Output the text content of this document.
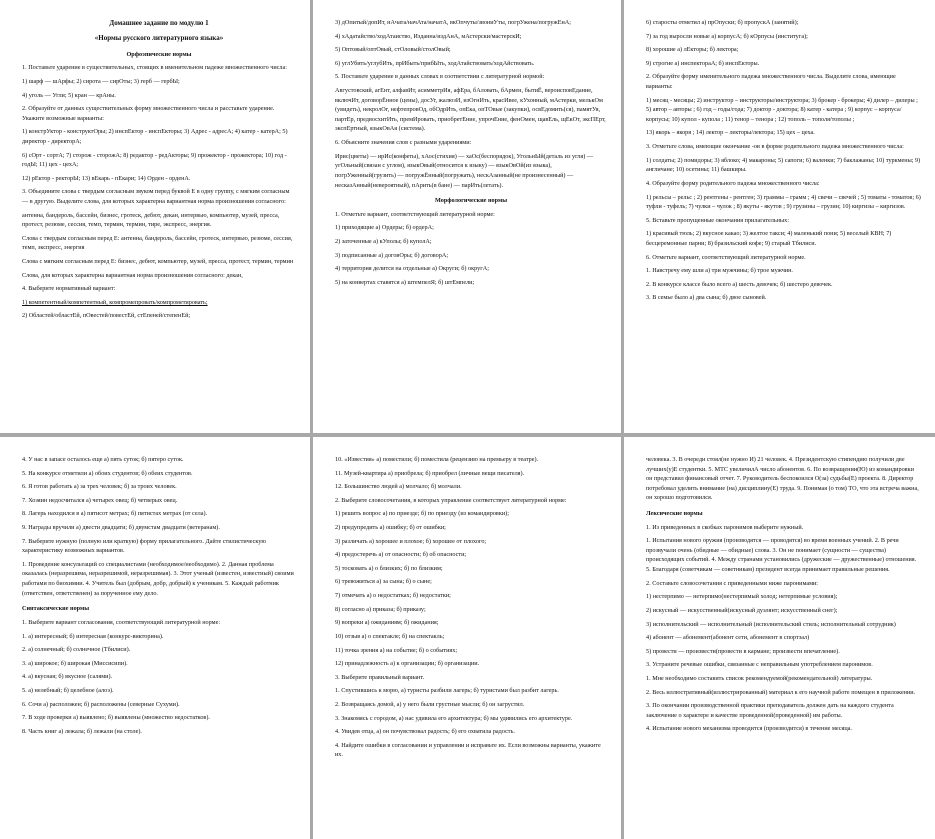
Домашнее задание по модулю 1

«Нормы русского литературного языка»

Орфоэпические нормы

1. Поставьте ударение в существительных, стоящих в именительном падеже множественного числа:

1) шарф — шАрфы; 2) сирота — сирОты; 3) герб — гербЫ;

4) уголь — Угли; 5) кран — крАны.

2. Образуйте от данных существительных форму множественного числа и расставьте ударение. Укажите возможные варианты:

1) констрУктор - конструктОры; 2) инспЕктор - инспЕкторы; 3) Адрес - адресА; 4) катер - катерА; 5) директор - директорА;

6) сОрт - сортА; 7) сторож - сторожА; 8) редактор - редАкторы; 9) прожектор - прожектора; 10) год - годЫ; 11) цех - цехА;

12) рЕктор - ректорЫ; 13) вЕкарь - пЕкари; 14) Орден - орденА.

3. Объедините слова с твердым согласным звуком перед буквой Е в одну группу, с мягким согласным — в другую. Выделите слова, для которых характерна вариантная норма произношения согласного:

антенна, бандероль, бассейн, бизнес, гротеск, дебют, декан, интервью, компьютер, музей, пресса, протест, резюме, сессия, темп, термин, термин, тире, экспресс, энергия.

Слова с твердым согласным перед Е: антенна, бандероль, бассейн, гротеск, интервью, резюме, сессия, темп, экспресс, энергия

Слова с мягким согласным перед Е: бизнес, дебют, компьютер, музей, пресса, протест, термин, термин

Слова, для которых характерна вариантная норма произношения согласного: декан,

4. Выберите нормативный вариант:

1) компетентный/компетентный, компромепровать/компрометировать;

2) Областей/областЕй, пОвестей/повестЕй, стЕпеней/степенЕй;

3) дОпитый/допИт, нАчата/начАта/начатА, вкОпчуты/звониУты, погрУжена/погружЕнА;

4) хАдатайство/ходАтаиство, Изданна/издАнА, мАстерски/мастерскИ;

5) Оптовый/оптОвый, стОловый/столОвый;

6) углУбить/углубИть, прИбыть/прибЫть, ходАтайствовать/ходАйствовать.

5. Поставьте ударение в данных словах в соответствии с литературной нормой:

Августовский, агЕнт, алфавИт, асимметрИя, афЕра, бАловать, бАрмен, бытиЁ, вероисповЕдание, включИт, договорЁнное (цены), досУг, жалюзИ, изОгнИть, красИвее, кУхонный, мАстерки, мелькОм (увидеть), некролОг, нефтепровОд, обОдрИть, опЕка, опТОвые (закупки), освЕдомить(ся), памятУя, партЕр, предвосхитИть, премИровать, приобретЕние, упрочЕние, фенОмен, щавЕль, щЕкОт, эксПЕрт, экспЕртный, языкОвАя (система).

6. Объясните значения слов с разными ударениями:

Ирис(цветы) — ирИс(конфеты), хАос(стихия) — хаОс(беспорядок), УгольнЫй(деталь из угля) — угОльный(связан с углом), языкОвый(относится к языку) — языкОвОй(из языка), погрУженный(грузить) — погружЁнный(погружать), нескАзанный(не произнесенный) — несказАнный(невероятный), пАрить(в бане) — парИть(летать).

Морфологические нормы

1. Отметьте вариант, соответствующий литературной норме:

1) приходящие а) Ордеры; б) ордерА;

2) заточенные а) кУполы; б) куполА;

3) подписанные а) договОры; б) договорА;

4) территория делится на отдельные а) Округи; б) округА;

5) на конвертах ставятся а) штемпелЯ; б) штЕмпели;

6) старосты отметил а) прОпуски; б) пропускА (занятий);

7) за год выросли новые а) корпусА; б) кОрпусы (институга);

8) хорошие а) лЕкторы; б) лектора;

9) строгие а) инспектораА; б) инспЕкторы.

2. Образуйте форму именительного падежа множественного числа. Выделите слова, имеющие варианты:

1) месяц - месяцы; 2) инструктор – инструкторы/инструктора; 3) брокер - брокеры; 4) дилер – дилеры ; 5) автор – авторы ; 6) год – годы/года; 7) доктор - доктора; 8) катер - катера ; 9) корпус – корпуса/корпусы; 10) купол - купола ; 11) тенор – тенора ; 12) тополь – тополя/тополы ;

13) якорь – якоря ; 14) лектор – лекторы/лектора; 15) цех – цеха.

3. Отметьте слова, имеющие окончание -ов в форме родительного падежа множественного числа:

1) солдаты; 2) помидоры; 3) яблоко; 4) макароны; 5) сапоги; 6) валенки; 7) баклажаны; 10) туркмены; 9) англичане; 10) осетины; 11) башкиры.

4. Образуйте форму родительного падежа множественного числа:

1) рельсы – рельс ; 2) рентгены - рентген; 3) граммы – грамм ; 4) свечи – свечей ; 5) томаты - томатов; 6) туфли - туфель; 7) чулки – чулок ; 8) якуты - якутов ; 9) грузины – грузин; 10) киргизы – киргизов.

5. Вставьте пропущенные окончания прилагательных:

1) красивый тюль; 2) вкусное какао; 3) желтое такси; 4) маленький пони; 5) веселый КВН; 7) бесцеремонные парни; 8) бразильский кофе; 9) старый Тбилиси.

6. Отметьте вариант, соответствующий литературной норме.

1. Навстречу ему шли а) три мужчины; б) трое мужчин.

2. В конкурсе классе было всего а) шесть девочек; б) шестеро девочек.

3. В семье было а) два сына; б) двое сыновей.

4. У нас в запасе осталось еще а) пять суток; б) пятеро суток.

5. На конкурсе отметили а) обоих студентов; б) обеих студентов.

6. Я готов работать а) за трех человек; б) за троих человек.

7. Хозяин недосчитался а) четырех овец; б) четверых овец.

8. Лагерь находился в а) пятисот метрах; б) пятистах метрах (от села).

9. Награды вручили а) двести двадцати; б) двумстам двадцати (ветеранам).

7. Выберите нужную (полную или краткую) форму прилагательного. Дайте стилистическую характеристику возможных вариантов.

1. Проведение консультаций со специалистами (необходимое/необходимо). 2. Данная проблема оказалась (неразрешима, неразрешимой, неразрешимая). 3. Этот ученый (известен, известный) своими работами по биохимии. 4. Учитель был (добрым, добр, добрый) к ученикам. 5. Каждый работник (ответствен, ответственен) за порученное ему дело.

Синтаксические нормы

1. Выберите вариант согласования, соответствующий литературной норме:

1. а) интересный; б) интересная (конкурс-викторина).

2. а) солнечный; б) солнечное (Тбилиси).

3. а) широкое; б) широкая (Миссисипи).

4. а) вкусная; б) вкусное (салями).

5. а) нелебный; б) целебное (алоэ).

6. Сочи а) расположен; б) расположены (северные Сухуми).

7. В ходе проверки а) выявлено; б) выявлены (множество недостатков).

8. Часть книг а) лежала; б) лежали (на столе).

10. «Известия» а) поместили; б) поместила (рецензию на премьеру в театре).

11. Музей-квартира а) приобрела; б) приобрел (личные вещи писателя).

12. Большинство людей а) молчало; б) молчали.

2. Выберите словосочетания, в которых управление соответствует литературной норме:

1) решить вопрос а) по приезде; б) по приезду (из командировки);

2) предупредить а) ошибку; б) от ошибки;

3) различать а) хорошее и плохое; б) хорошее от плохого;

4) предостеречь а) от опасности; б) об опасности;

5) тосковать а) о близких; б) по близким;

6) тревожиться а) за сына; б) о сыне;

7) отмечать а) о недостатках; б) недостатки;

8) согласно а) приказа; б) приказу;

9) вопреки а) ожиданиям; б) ожидания;

10) отзыв а) о спектакле; б) на спектакль;

11) точка зрения а) на событие; б) о событиях;

12) принадлежность а) к организации; б) организации.

3. Выберите правильный вариант.

1. Спустившись к морю, а) туристы разбили лагерь; б) туристами был разбит лагерь.

2. Возвращаясь домой, а) у него были грустные мысли; б) он загрустил.

3. Знакомясь с городом, а) нас удивила его архитектура; б) мы удивились его архитектуре.

4. Увидев отца, а) он почувствовал радость; б) его охватила радость.

4. Найдите ошибки в согласовании и управлении и исправьте их. Если возможны варианты, укажите их.

человека. 3. В очереди стоял(не нужно И) 21 человек. 4. Президентскую стипендию получили две лучших(у)Е студентки. 5. МТС увеличилА число абонентов. 6. По возвращении(Ю) из командировки он представил финансовый отчет. 7. Руководитель беспокоился О(за) судьбы(Е) проекта. 8. Директор потребовал уделить внимание (на) дисциплину(Е) труда. 9. Понимая (о том) ТО, что эта встреча важна, он хорошо подготовился.

Лексические нормы

1. Из приведенных в скобках паронимов выберите нужный.

1. Испытания нового оружия (производятся — проводятся) во время военных учений. 2. В речи прозвучали очень (обидные — обидные) слова. 3. Он не понимает (сущности — существа) происходящих событий. 4. Между странами установились (дружеские — дружественные) отношения. 5. Благодаря (советчикам — советникам) президент всегда принимает правильные решения.

2. Составьте словосочетания с приведенными ниже паронимами:

1) нестерпимо — нетерпимо(нестерпимый холод; нетерпимые условия);

2) искусный — искусственный(искусный дуэлянт; искусственный снег);

3) исполнительский — исполнительный (исполнительский стиль; исполнительный сотрудник)

4) абонент — абонемент(абонент сети, абонемент в спортзал)

5) провести — произвести(провести в кармане; произвести впечатление).

3. Устраните речевые ошибки, связанные с неправильным употреблением паронимов.

1. Мне необходимо составить список рекомендуемой(рекомендательной) литературы.

2. Весь иллюстративный(иллюстрированный) материал к его научной работе помещен в приложении.

3. По окончании производственной практики преподаватель должен дать на каждого студента заключение о характере и качестве проведенной(проведенной) им работы.

4. Испытание нового механизма проводится (производится) в течение месяца.
